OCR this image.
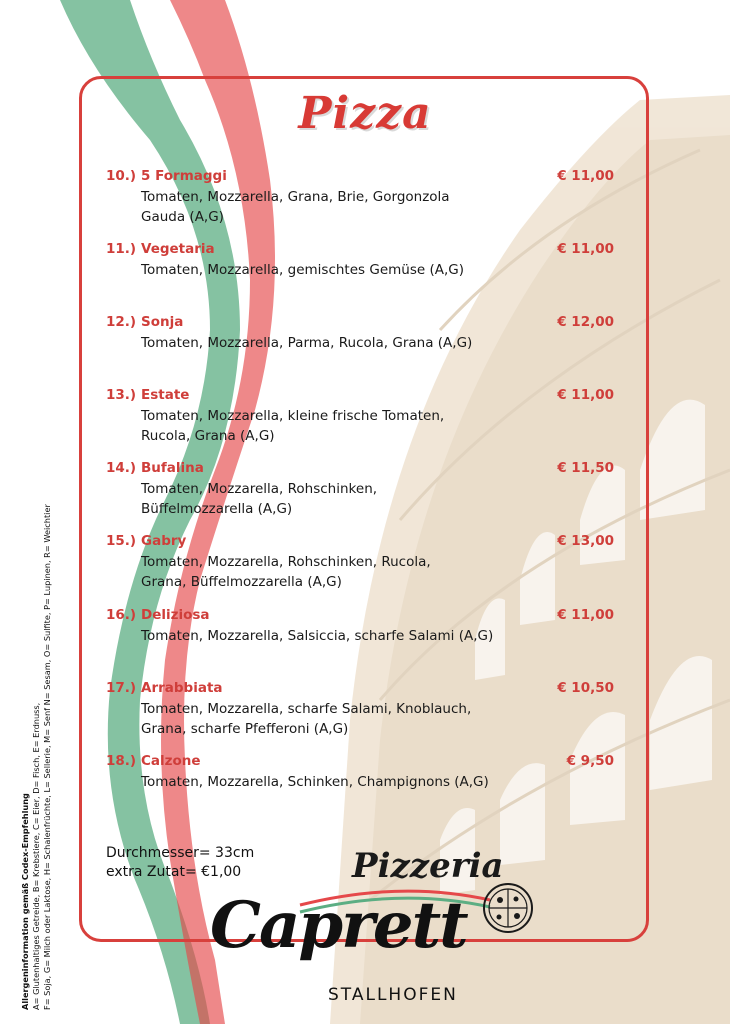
Pizza
10.) 5 Formaggi	€ 11,00
Tomaten, Mozzarella, Grana, Brie, Gorgonzola
Gauda (A,G)
11.) Vegetaria	€ 11,00
Tomaten, Mozzarella, gemischtes Gemüse (A,G)
12.) Sonja	€ 12,00
Tomaten, Mozzarella, Parma, Rucola, Grana (A,G)
13.) Estate	€ 11,00
Tomaten, Mozzarella, kleine frische Tomaten,
Rucola, Grana (A,G)
14.) Bufalina	€ 11,50
Tomaten, Mozzarella, Rohschinken,
Büffelmozzarella (A,G)
15.) Gabry	€ 13,00
Tomaten, Mozzarella, Rohschinken, Rucola,
Grana, Büffelmozzarella (A,G)
16.) Deliziosa	€ 11,00
Tomaten, Mozzarella, Salsiccia, scharfe Salami (A,G)
17.) Arrabbiata	€ 10,50
Tomaten, Mozzarella, scharfe Salami, Knoblauch,
Grana, scharfe Pfefferoni (A,G)
18.) Calzone	€ 9,50
Tomaten, Mozzarella, Schinken, Champignons (A,G)
Durchmesser= 33cm
extra Zutat= €1,00
Allergeninformation gemäß Codex-Empfehlung A= Glutenhaltiges Getreide, B= Krebstiere, C= Eier, D= Fisch, E= Erdnuss, F= Soja, G= Milch oder Laktose, H= Schalenfrüchte, L= Sellerie, M= Senf N= Sesam, O= Sulfite, P= Lupinen, R= Weichtier	Pizzeria
Caprett
STALLHOFEN
